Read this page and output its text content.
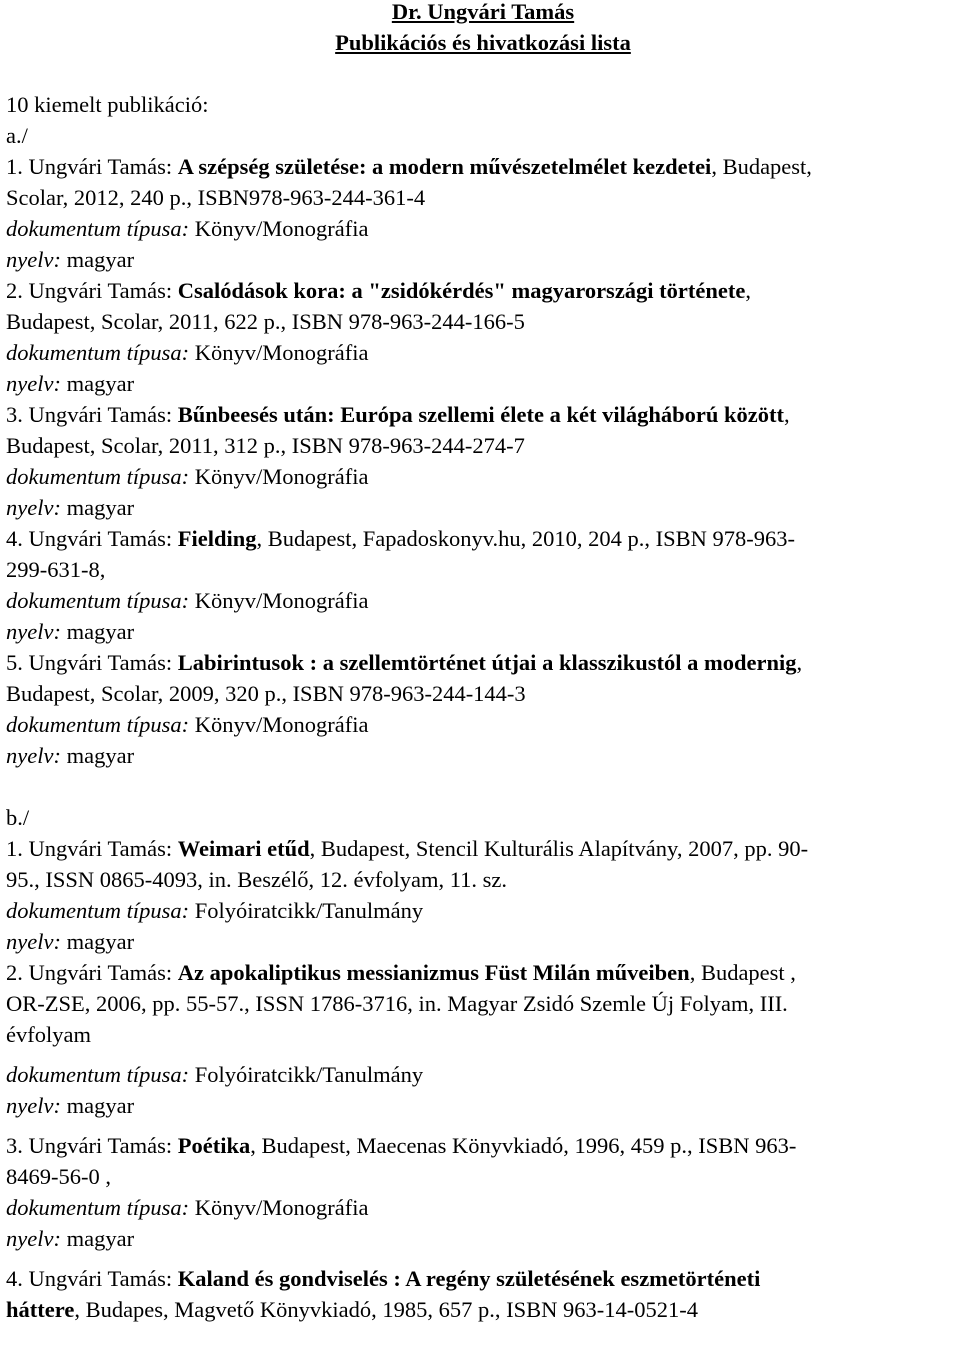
Dr. Ungvári Tamás
Publikációs és hivatkozási lista
10 kiemelt publikáció:
a./
1. Ungvári Tamás: A szépség születése: a modern művészetelmélet kezdetei, Budapest,
Scolar, 2012, 240 p., ISBN978-963-244-361-4
dokumentum típusa: Könyv/Monográfia
nyelv: magyar
2. Ungvári Tamás: Csalódások kora: a "zsidókérdés" magyarországi története,
Budapest, Scolar, 2011, 622 p., ISBN 978-963-244-166-5
dokumentum típusa: Könyv/Monográfia
nyelv: magyar
3. Ungvári Tamás: Bűnbeesés után: Európa szellemi élete a két világháború között,
Budapest, Scolar, 2011, 312 p., ISBN 978-963-244-274-7
dokumentum típusa: Könyv/Monográfia
nyelv: magyar
4. Ungvári Tamás: Fielding, Budapest, Fapadoskonyv.hu, 2010, 204 p., ISBN 978-963-
299-631-8,
dokumentum típusa: Könyv/Monográfia
nyelv: magyar
5. Ungvári Tamás: Labirintusok : a szellemtörténet útjai a klasszikustól a modernig,
Budapest, Scolar, 2009, 320 p., ISBN 978-963-244-144-3
dokumentum típusa: Könyv/Monográfia
nyelv: magyar
b./
1. Ungvári Tamás: Weimari etűd, Budapest, Stencil Kulturális Alapítvány, 2007, pp. 90-
95., ISSN 0865-4093, in. Beszélő, 12. évfolyam, 11. sz.
dokumentum típusa: Folyóiratcikk/Tanulmány
nyelv: magyar
2. Ungvári Tamás: Az apokaliptikus messianizmus Füst Milán műveiben, Budapest ,
OR-ZSE, 2006, pp. 55-57., ISSN 1786-3716, in. Magyar Zsidó Szemle Új Folyam, III.
évfolyam
dokumentum típusa: Folyóiratcikk/Tanulmány
nyelv: magyar
3. Ungvári Tamás: Poétika, Budapest, Maecenas Könyvkiadó, 1996, 459 p., ISBN 963-
8469-56-0 ,
dokumentum típusa: Könyv/Monográfia
nyelv: magyar
4. Ungvári Tamás: Kaland és gondviselés : A regény születésének eszmetörténeti
háttere, Budapes, Magvető Könyvkiadó, 1985, 657 p., ISBN 963-14-0521-4
